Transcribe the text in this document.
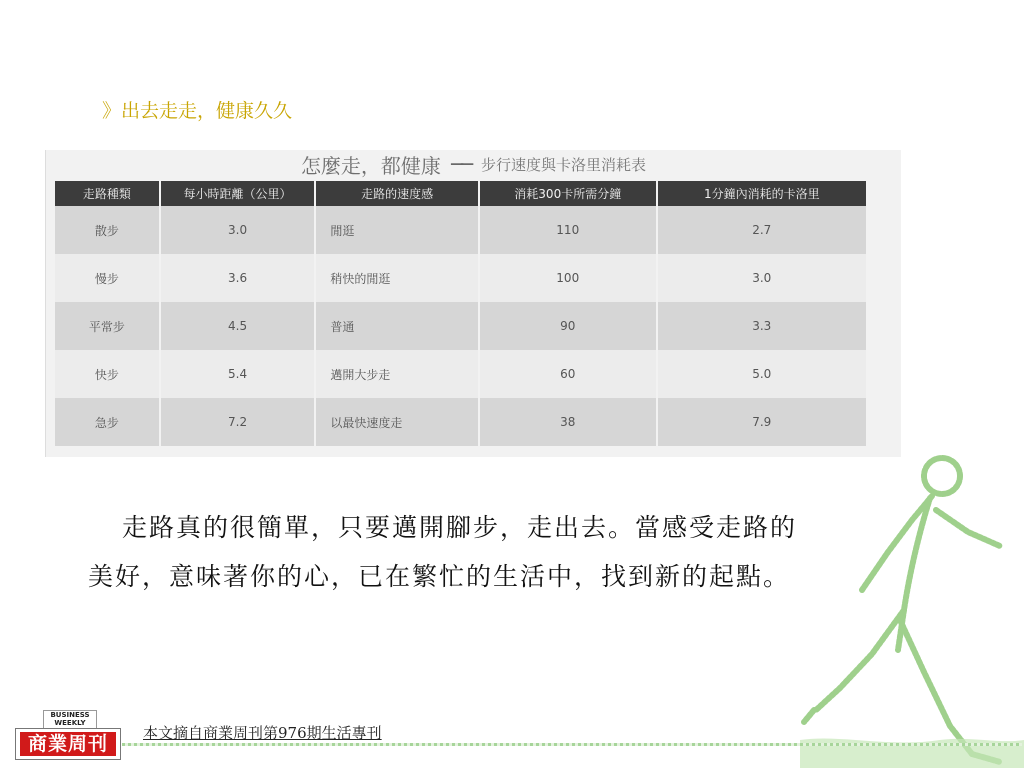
》出去走走，健康久久
怎麼走，都健康 ── 步行速度與卡洛里消耗表
走路種類	每小時距離（公里）	走路的速度感	消耗300卡所需分鐘	1分鐘內消耗的卡洛里
散步	3.0	閒逛	110	2.7
慢步	3.6	稍快的閒逛	100	3.0
平常步	4.5	普通	90	3.3
快步	5.4	邁開大步走	60	5.0
急步	7.2	以最快速度走	38	7.9

走路真的很簡單，只要邁開腳步，走出去。當感受走路的美好，意味著你的心，已在繁忙的生活中，找到新的起點。

BUSINESS WEEKLY
商業周刊	本文摘自商業周刊第976期生活專刊
